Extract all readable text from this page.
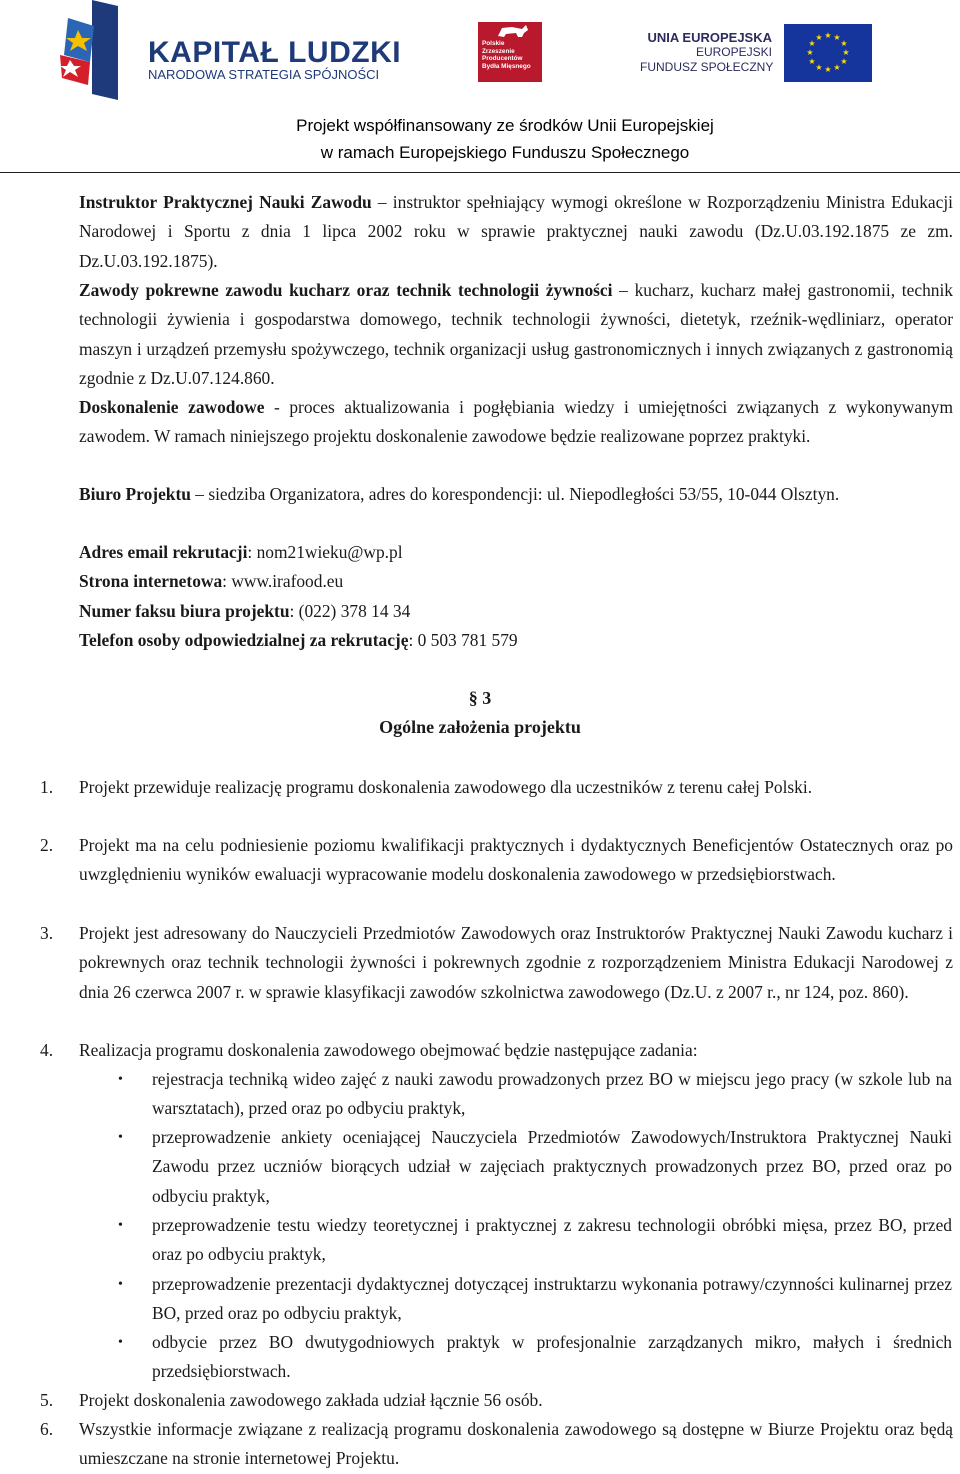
KAPITAŁ LUDZKI
NARODOWA STRATEGIA SPÓJNOŚCI
Polskie
Zrzeszenie
Producentów
Bydła Mięsnego
UNIA EUROPEJSKA
EUROPEJSKI
FUNDUSZ SPOŁECZNY
★ ★
★
★
★
★
★
★
★
★
★
★
Projekt współfinansowany ze środków Unii Europejskiej
w ramach Europejskiego Funduszu Społecznego

Instruktor Praktycznej Nauki Zawodu – instruktor spełniający wymogi określone w Rozporządzeniu Ministra Edukacji Narodowej i Sportu z dnia 1 lipca 2002 roku w sprawie praktycznej nauki zawodu (Dz.U.03.192.1875 ze zm. Dz.U.03.192.1875).

Zawody pokrewne zawodu kucharz oraz technik technologii żywności – kucharz, kucharz małej gastronomii, technik technologii żywienia i gospodarstwa domowego, technik technologii żywności, dietetyk, rzeźnik-wędliniarz, operator maszyn i urządzeń przemysłu spożywczego, technik organizacji usług gastronomicznych i innych związanych z gastronomią zgodnie z Dz.U.07.124.860.

Doskonalenie zawodowe - proces aktualizowania i pogłębiania wiedzy i umiejętności związanych z wykonywanym zawodem. W ramach niniejszego projektu doskonalenie zawodowe będzie realizowane poprzez praktyki.

Biuro Projektu – siedziba Organizatora, adres do korespondencji: ul. Niepodległości 53/55, 10-044 Olsztyn.

Adres email rekrutacji: nom21wieku@wp.pl

Strona internetowa: www.irafood.eu

Numer faksu biura projektu: (022) 378 14 34

Telefon osoby odpowiedzialnej za rekrutację: 0 503 781 579

§ 3
Ogólne założenia projektu
1. Projekt przewiduje realizację programu doskonalenia zawodowego dla uczestników z terenu całej Polski.

2. Projekt ma na celu podniesienie poziomu kwalifikacji praktycznych i dydaktycznych Beneficjentów Ostatecznych oraz po uwzględnieniu wyników ewaluacji wypracowanie modelu doskonalenia zawodowego w przedsiębiorstwach.

3. Projekt jest adresowany do Nauczycieli Przedmiotów Zawodowych oraz Instruktorów Praktycznej Nauki Zawodu kucharz i pokrewnych oraz technik technologii żywności i pokrewnych zgodnie z rozporządzeniem Ministra Edukacji Narodowej z dnia 26 czerwca 2007 r. w sprawie klasyfikacji zawodów szkolnictwa zawodowego (Dz.U. z 2007 r., nr 124, poz. 860).

4. Realizacja programu doskonalenia zawodowego obejmować będzie następujące zadania:

• rejestracja techniką wideo zajęć z nauki zawodu prowadzonych przez BO w miejscu jego pracy (w szkole lub na warsztatach), przed oraz po odbyciu praktyk,

• przeprowadzenie ankiety oceniającej Nauczyciela Przedmiotów Zawodowych/Instruktora Praktycznej Nauki Zawodu przez uczniów biorących udział w zajęciach praktycznych prowadzonych przez BO, przed oraz po odbyciu praktyk,

• przeprowadzenie testu wiedzy teoretycznej i praktycznej z zakresu technologii obróbki mięsa, przez BO, przed oraz po odbyciu praktyk,

• przeprowadzenie prezentacji dydaktycznej dotyczącej instruktarzu wykonania potrawy/czynności kulinarnej przez BO, przed oraz po odbyciu praktyk,

• odbycie przez BO dwutygodniowych praktyk w profesjonalnie zarządzanych mikro, małych i średnich przedsiębiorstwach.

5. Projekt doskonalenia zawodowego zakłada udział łącznie 56 osób.

6. Wszystkie informacje związane z realizacją programu doskonalenia zawodowego są dostępne w Biurze Projektu oraz będą umieszczane na stronie internetowej Projektu.
